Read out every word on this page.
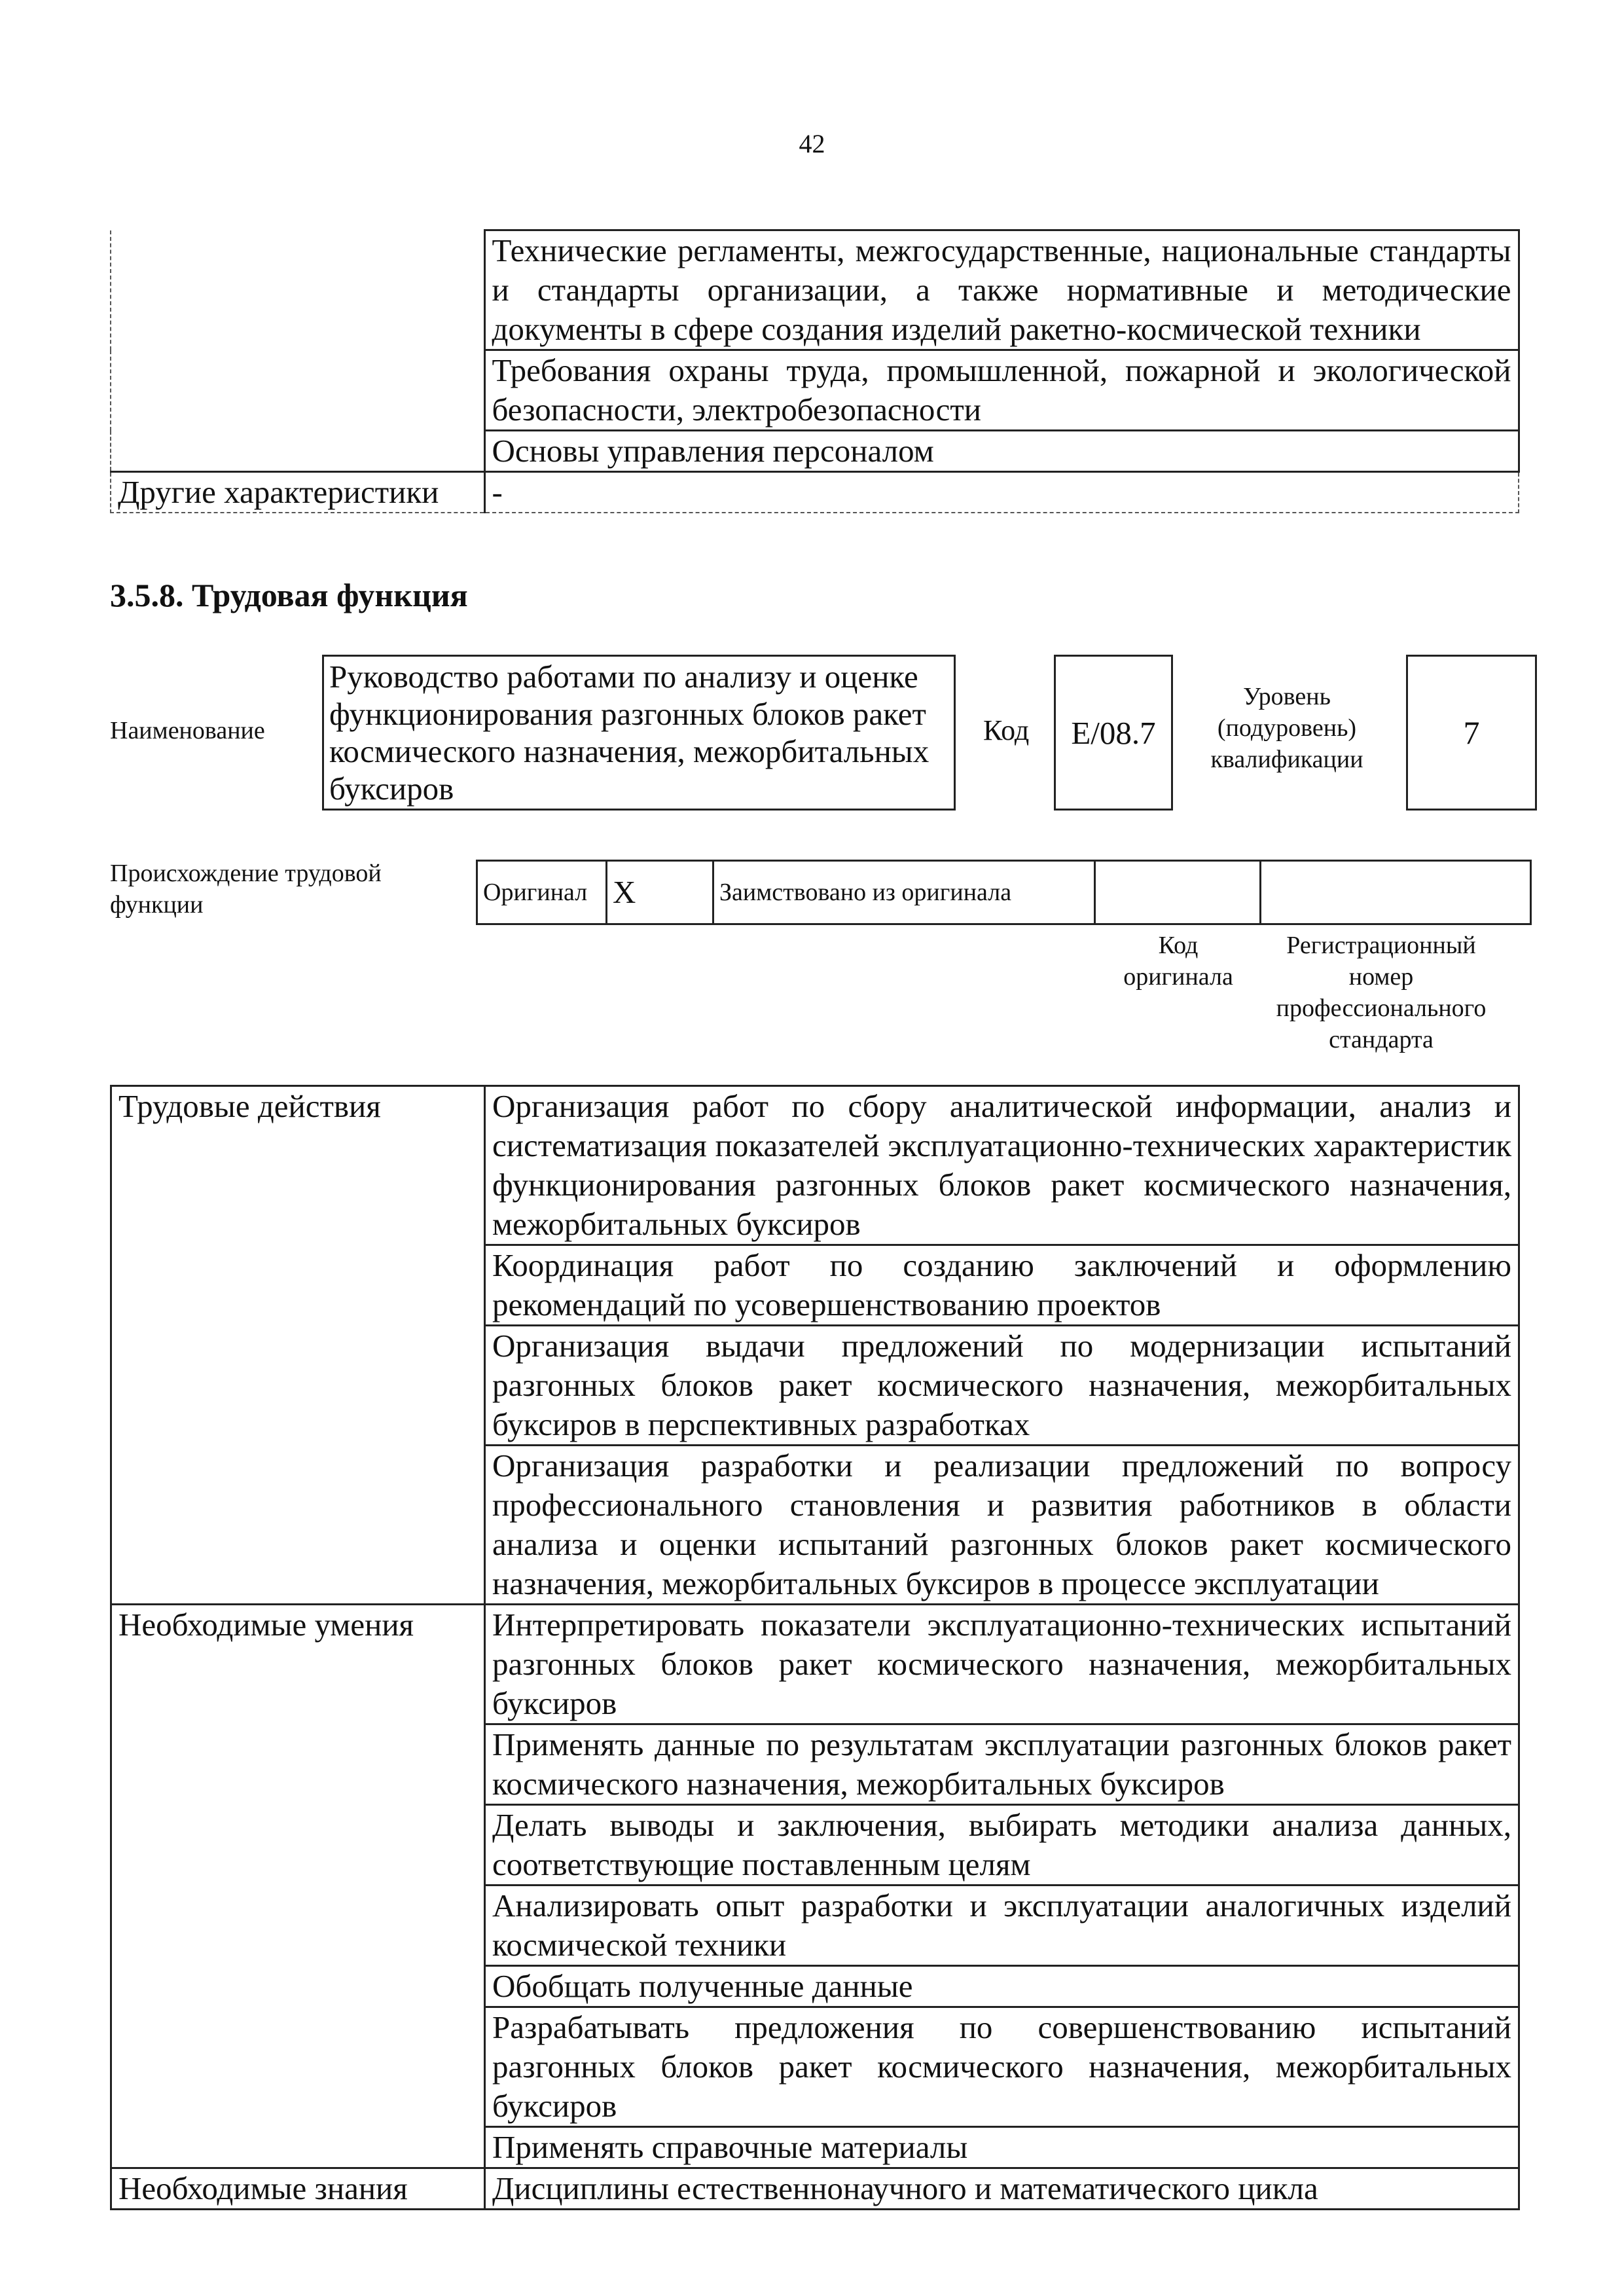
42
	Технические регламенты, межгосударственные, национальные стандарты и стандарты организации, а также нормативные и методические документы в сфере создания изделий ракетно-космической техники
	Требования охраны труда, промышленной, пожарной и экологической безопасности, электробезопасности
	Основы управления персоналом
Другие характеристики	-
3.5.8. Трудовая функция
Наименование
Руководство работами по анализу и оценке функционирования разгонных блоков ракет космического назначения, межорбитальных буксиров
Код	E/08.7
Уровень
(подуровень)
квалификации
7
Происхождение трудовой
функции	Оригинал	X	Заимствовано из оригинала		
Код
оригинала
Регистрационный
номер
профессионального
стандарта
Трудовые действия	Организация работ по сбору аналитической информации, анализ и систематизация показателей эксплуатационно-технических характеристик функционирования разгонных блоков ракет космического назначения, межорбитальных буксиров
	Координация работ по созданию заключений и оформлению рекомендаций по усовершенствованию проектов
	Организация выдачи предложений по модернизации испытаний разгонных блоков ракет космического назначения, межорбитальных буксиров в перспективных разработках
	Организация разработки и реализации предложений по вопросу профессионального становления и развития работников в области анализа и оценки испытаний разгонных блоков ракет космического назначения, межорбитальных буксиров в процессе эксплуатации
Необходимые умения	Интерпретировать показатели эксплуатационно-технических испытаний разгонных блоков ракет космического назначения, межорбитальных буксиров
	Применять данные по результатам эксплуатации разгонных блоков ракет космического назначения, межорбитальных буксиров
	Делать выводы и заключения, выбирать методики анализа данных, соответствующие поставленным целям
	Анализировать опыт разработки и эксплуатации аналогичных изделий космической техники
	Обобщать полученные данные
	Разрабатывать предложения по совершенствованию испытаний разгонных блоков ракет космического назначения, межорбитальных буксиров
	Применять справочные материалы
Необходимые знания	Дисциплины естественнонаучного и математического цикла
